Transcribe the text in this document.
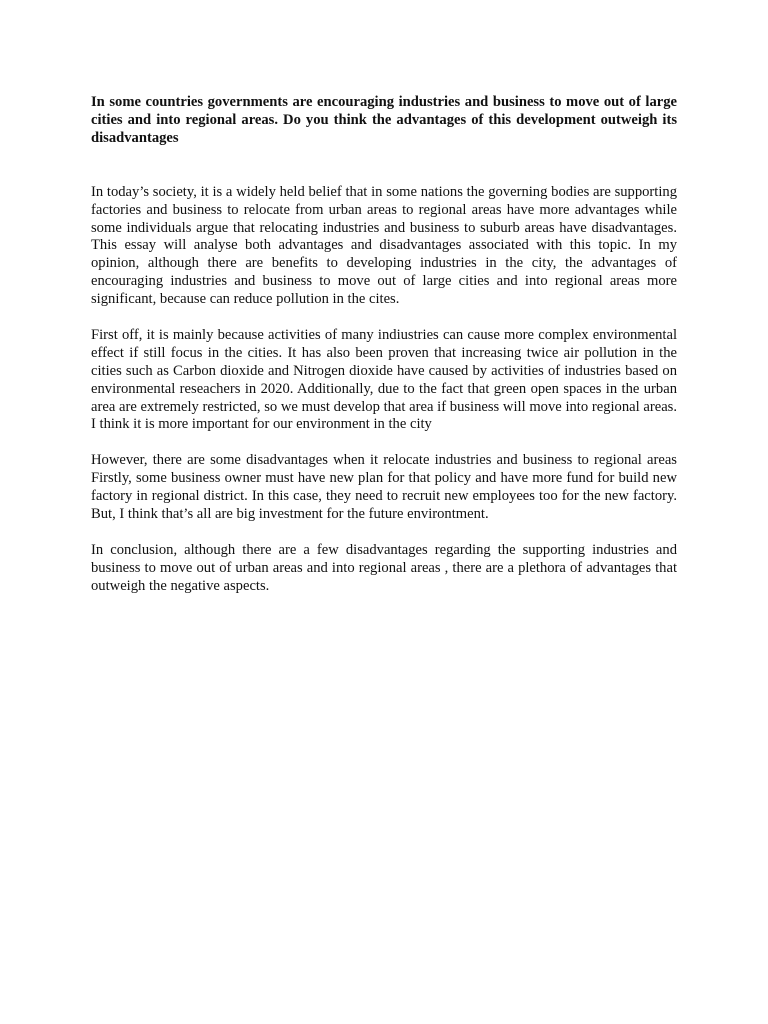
In some countries governments are encouraging industries and business to move out of large cities and into regional areas. Do you think the advantages of this development outweigh its disadvantages

In today’s society, it is a widely held belief that in some nations the governing bodies are supporting factories and business to relocate from urban areas to regional areas have more advantages while some individuals argue that relocating industries and business to suburb areas have disadvantages. This essay will analyse both advantages and disadvantages associated with this topic. In my opinion, although there are benefits to developing industries in the city, the advantages of encouraging industries and business to move out of large cities and into regional areas more significant, because can reduce pollution in the cites.

First off, it is mainly because activities of many indiustries can cause more complex environmental effect if still focus in the cities. It has also been proven that increasing twice air pollution in the cities such as Carbon dioxide and Nitrogen dioxide have caused by activities of industries based on environmental reseachers in 2020. Additionally, due to the fact that green open spaces in the urban area are extremely restricted, so we must develop that area if business will move into regional areas. I think it is more important for our environment in the city

However, there are some disadvantages when it relocate industries and business to regional areas Firstly, some business owner must have new plan for that policy and have more fund for build new factory in regional district. In this case, they need to recruit new employees too for the new factory. But, I think that’s all are big investment for the future environtment.

In conclusion, although there are a few disadvantages regarding the supporting industries and business to move out of urban areas and into regional areas , there are a plethora of advantages that outweigh the negative aspects.
